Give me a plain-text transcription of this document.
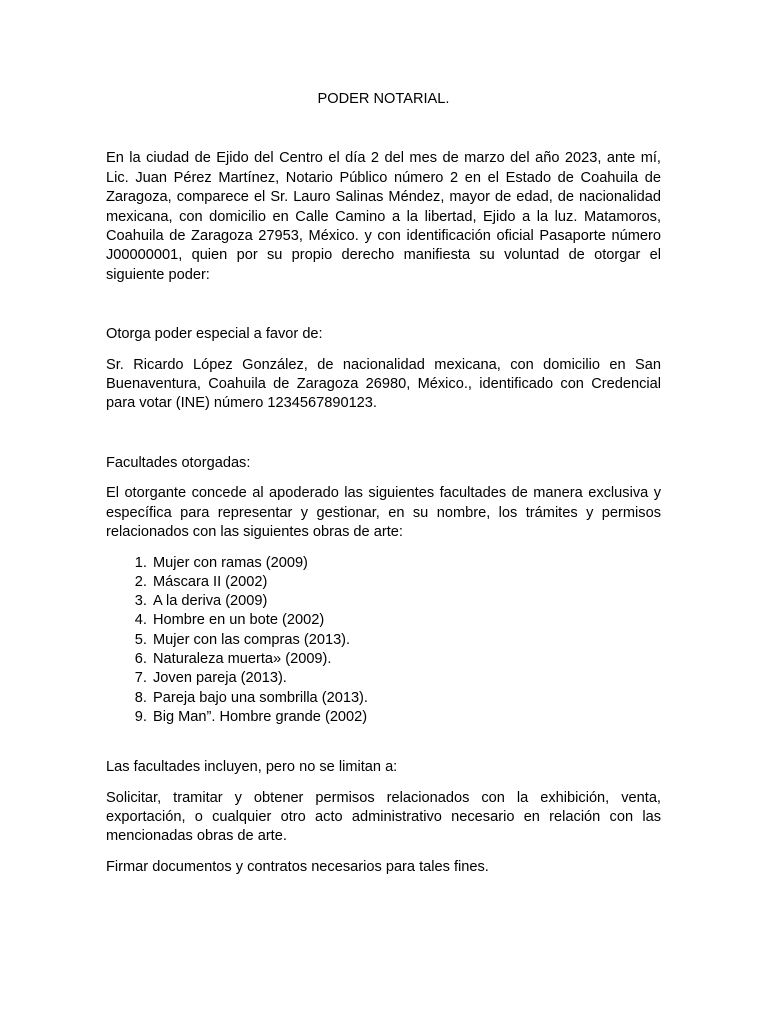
PODER NOTARIAL.

En la ciudad de Ejido del Centro el día 2 del mes de marzo del año 2023, ante mí, Lic. Juan Pérez Martínez, Notario Público número 2 en el Estado de Coahuila de Zaragoza, comparece el Sr. Lauro Salinas Méndez, mayor de edad, de nacionalidad mexicana, con domicilio en Calle Camino a la libertad, Ejido a la luz. Matamoros, Coahuila de Zaragoza 27953, México. y con identificación oficial Pasaporte número J00000001, quien por su propio derecho manifiesta su voluntad de otorgar el siguiente poder:

Otorga poder especial a favor de:

Sr. Ricardo López González, de nacionalidad mexicana, con domicilio en San Buenaventura, Coahuila de Zaragoza 26980, México., identificado con Credencial para votar (INE) número 1234567890123.

Facultades otorgadas:

El otorgante concede al apoderado las siguientes facultades de manera exclusiva y específica para representar y gestionar, en su nombre, los trámites y permisos relacionados con las siguientes obras de arte:

1. Mujer con ramas (2009)
2. Máscara II (2002)
3. A la deriva (2009)
4. Hombre en un bote (2002)
5. Mujer con las compras (2013).
6. Naturaleza muerta» (2009).
7. Joven pareja (2013).
8. Pareja bajo una sombrilla (2013).
9. Big Man”. Hombre grande (2002)

Las facultades incluyen, pero no se limitan a:

Solicitar, tramitar y obtener permisos relacionados con la exhibición, venta, exportación, o cualquier otro acto administrativo necesario en relación con las mencionadas obras de arte.

Firmar documentos y contratos necesarios para tales fines.
